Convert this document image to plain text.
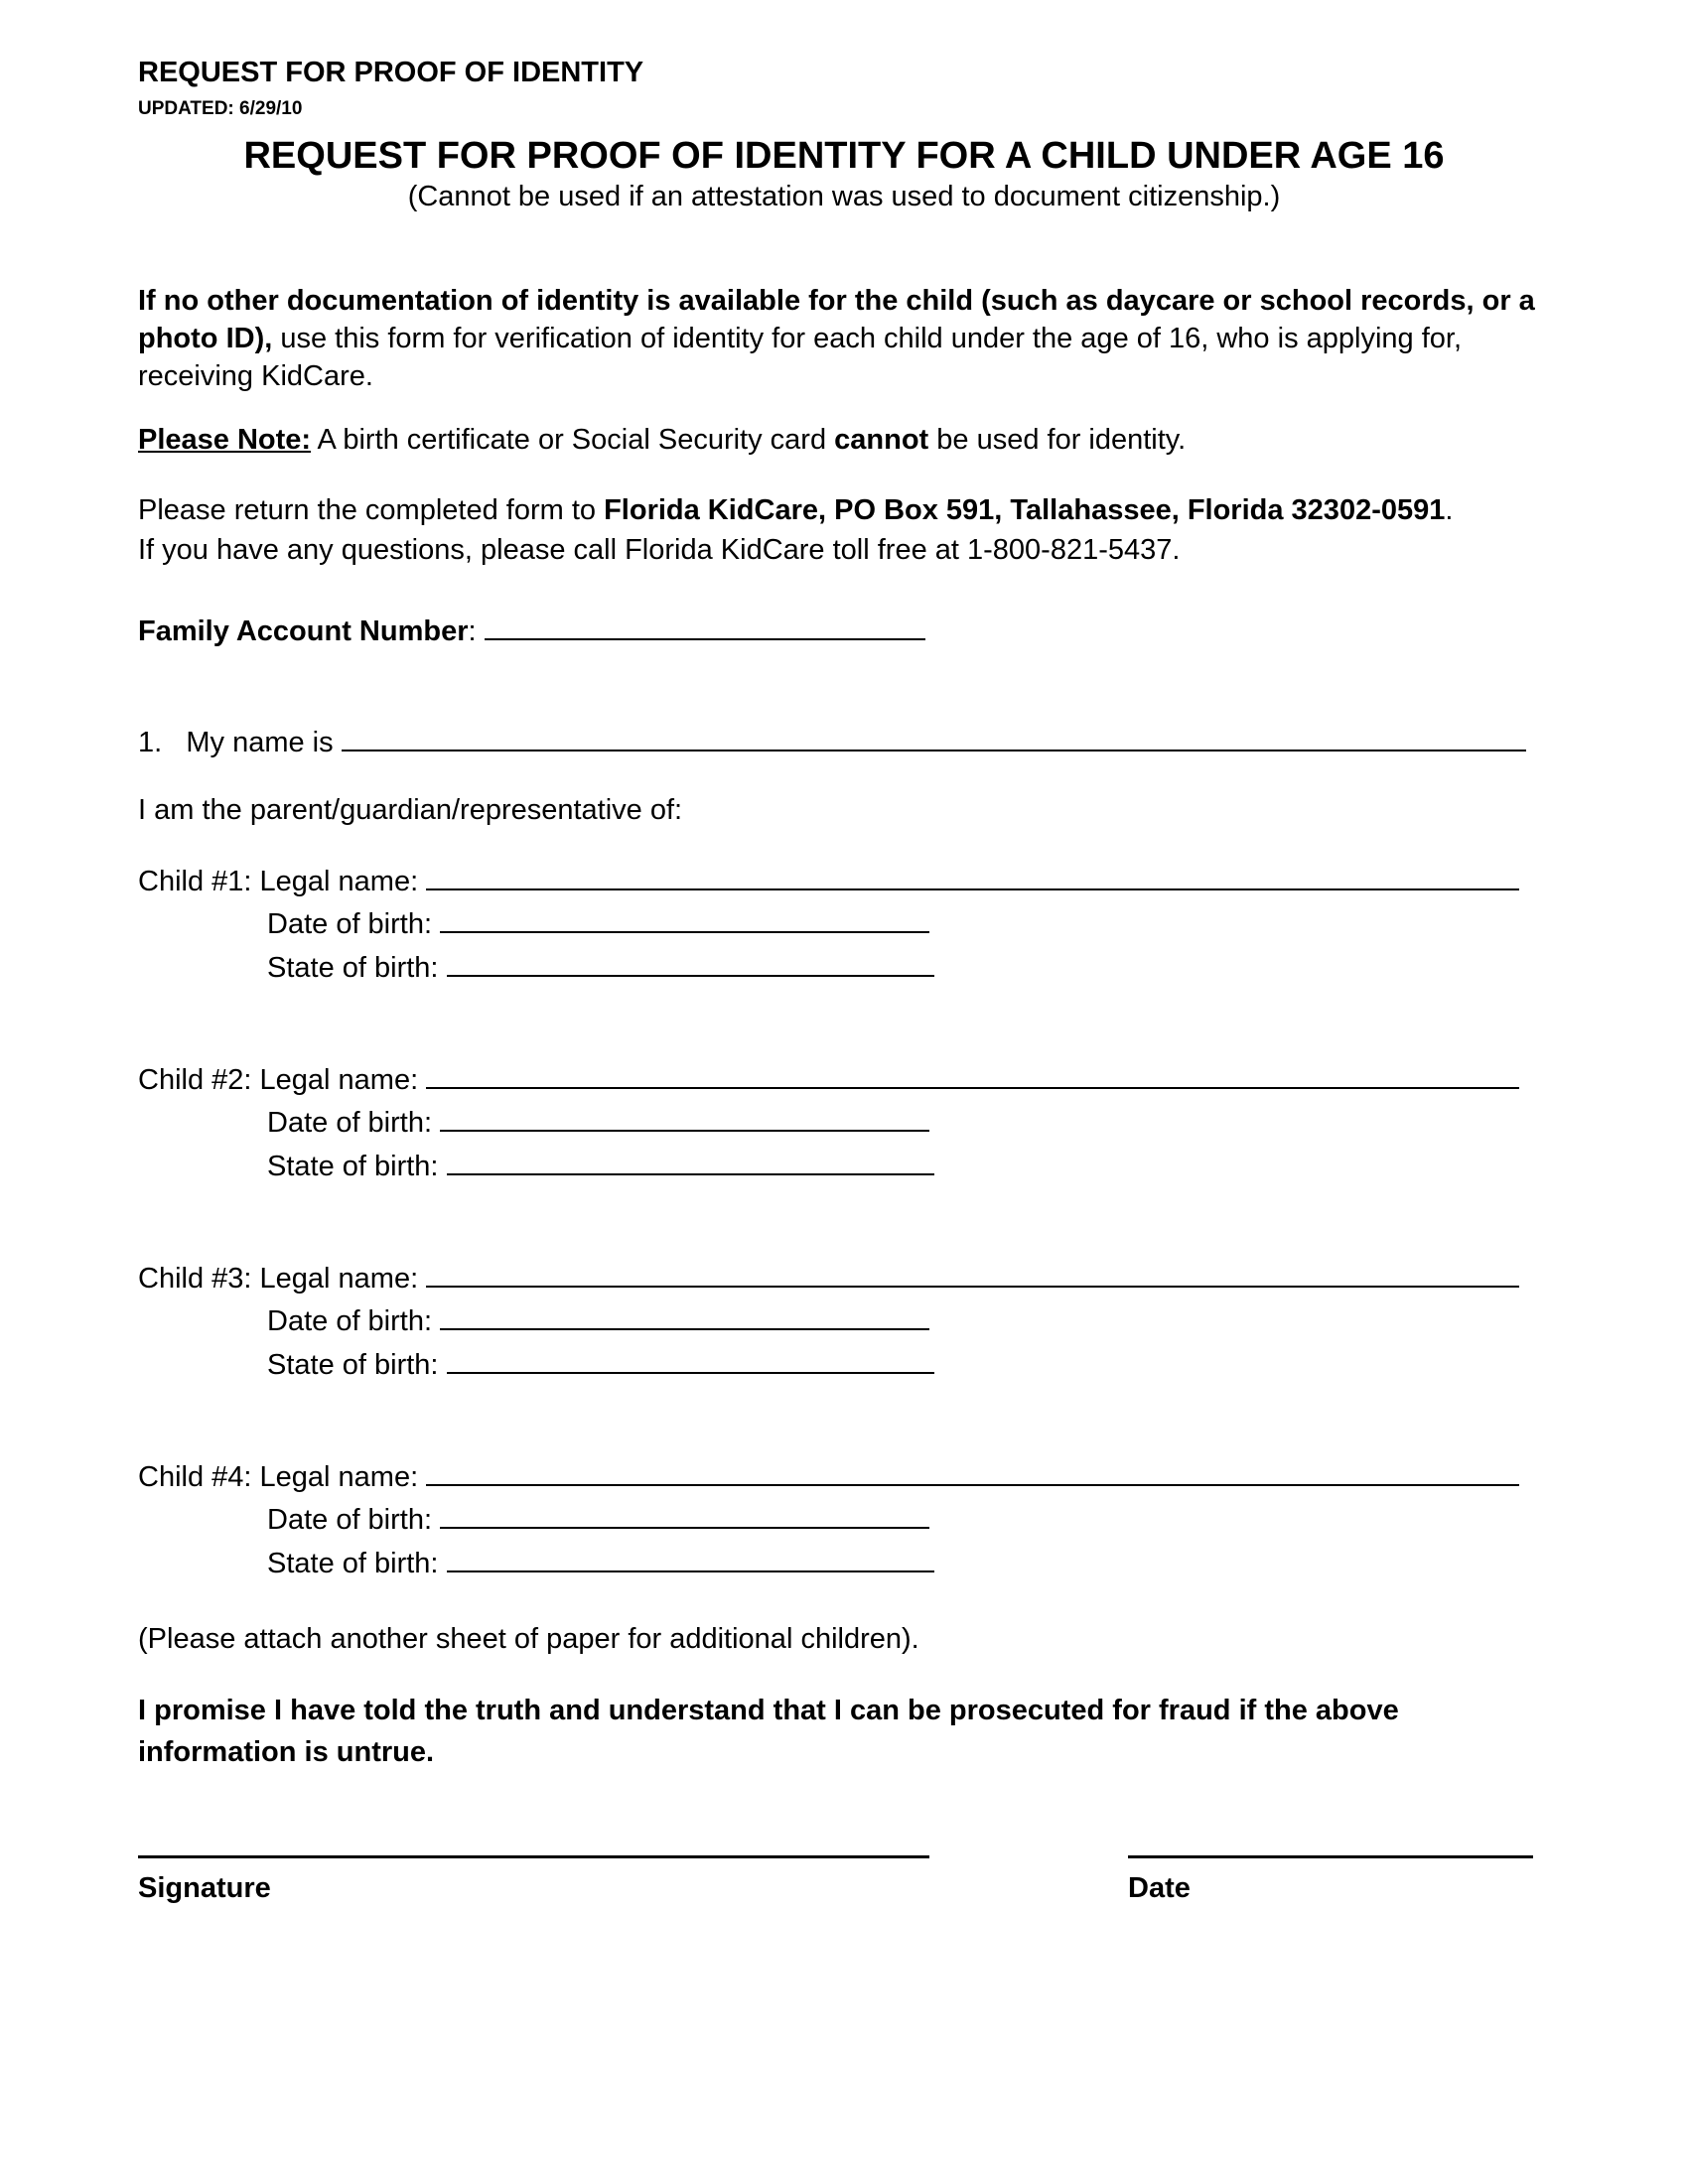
REQUEST FOR PROOF OF IDENTITY
UPDATED: 6/29/10
REQUEST FOR PROOF OF IDENTITY FOR A CHILD UNDER AGE 16
(Cannot be used if an attestation was used to document citizenship.)
If no other documentation of identity is available for the child (such as daycare or school records, or a photo ID), use this form for verification of identity for each child under the age of 16, who is applying for, receiving KidCare.
Please Note: A birth certificate or Social Security card cannot be used for identity.
Please return the completed form to Florida KidCare, PO Box 591, Tallahassee, Florida 32302-0591.
If you have any questions, please call Florida KidCare toll free at 1-800-821-5437.
Family Account Number:
1. My name is
I am the parent/guardian/representative of:
Child #1: Legal name:
Date of birth:
State of birth:
Child #2: Legal name:
Date of birth:
State of birth:
Child #3: Legal name:
Date of birth:
State of birth:
Child #4: Legal name:
Date of birth:
State of birth:
(Please attach another sheet of paper for additional children).
I promise I have told the truth and understand that I can be prosecuted for fraud if the above information is untrue.
Signature	Date
